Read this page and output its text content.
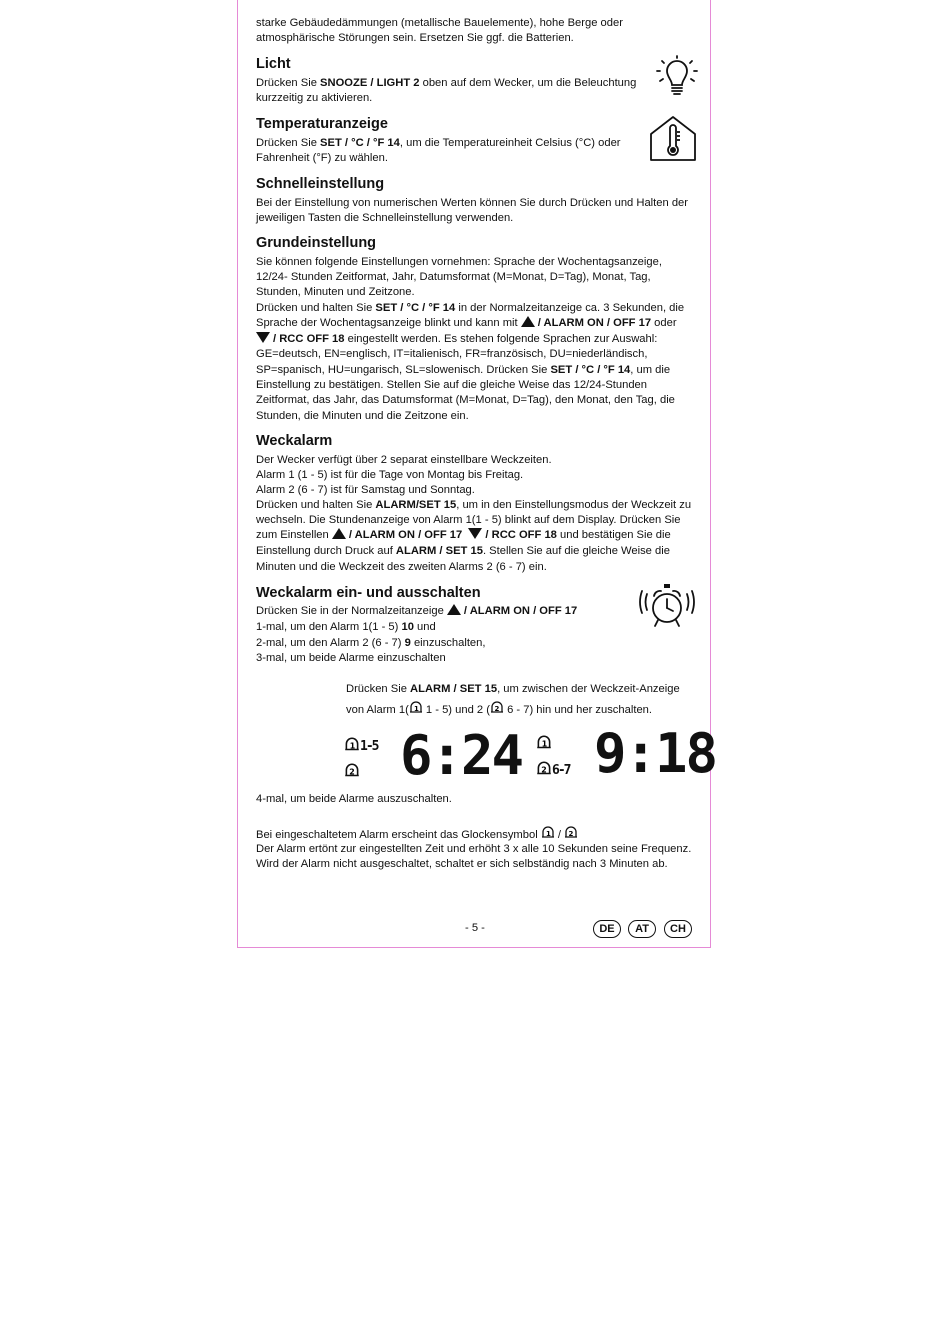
starke Gebäudedämmungen (metallische Bauelemente), hohe Berge oder

atmosphärische Störungen sein. Ersetzen Sie ggf. die Batterien.

Licht

Drücken Sie SNOOZE / LIGHT 2 oben auf dem Wecker, um die Beleuchtung

kurzzeitig zu aktivieren.

Temperaturanzeige

Drücken Sie SET / °C / °F 14, um die Temperatureinheit Celsius (°C) oder

Fahrenheit (°F) zu wählen.

Schnelleinstellung

Bei der Einstellung von numerischen Werten können Sie durch Drücken und Halten der

jeweiligen Tasten die Schnelleinstellung verwenden.

Grundeinstellung

Sie können folgende Einstellungen vornehmen: Sprache der Wochentagsanzeige,

12/24- Stunden Zeitformat, Jahr, Datumsformat (M=Monat, D=Tag), Monat, Tag,

Stunden, Minuten und Zeitzone.

Drücken und halten Sie SET / °C / °F 14 in der Normalzeitanzeige ca. 3 Sekunden, die

Sprache der Wochentagsanzeige blinkt und kann mit / ALARM ON / OFF 17 oder

/ RCC OFF 18 eingestellt werden. Es stehen folgende Sprachen zur Auswahl:

GE=deutsch, EN=englisch, IT=italienisch, FR=französisch, DU=niederländisch,

SP=spanisch, HU=ungarisch, SL=slowenisch. Drücken Sie SET / °C / °F 14, um die

Einstellung zu bestätigen. Stellen Sie auf die gleiche Weise das 12/24-Stunden

Zeitformat, das Jahr, das Datumsformat (M=Monat, D=Tag), den Monat, den Tag, die

Stunden, die Minuten und die Zeitzone ein.

Weckalarm

Der Wecker verfügt über 2 separat einstellbare Weckzeiten.

Alarm 1 (1 - 5) ist für die Tage von Montag bis Freitag.

Alarm 2 (6 - 7) ist für Samstag und Sonntag.

Drücken und halten Sie ALARM/SET 15, um in den Einstellungsmodus der Weckzeit zu

wechseln. Die Stundenanzeige von Alarm 1(1 - 5) blinkt auf dem Display. Drücken Sie

zum Einstellen / ALARM ON / OFF 17 / RCC OFF 18 und bestätigen Sie die

Einstellung durch Druck auf ALARM / SET 15. Stellen Sie auf die gleiche Weise die

Minuten und die Weckzeit des zweiten Alarms 2 (6 - 7) ein.

Weckalarm ein- und ausschalten

Drücken Sie in der Normalzeitanzeige / ALARM ON / OFF 17

1-mal, um den Alarm 1(1 - 5) 10 und

2-mal, um den Alarm 2 (6 - 7) 9 einzuschalten,

3-mal, um beide Alarme einzuschalten

Drücken Sie ALARM / SET 15, um zwischen der Weckzeit-Anzeige

von Alarm 1( 1 1 - 5) und 2 ( 2 6 - 7) hin und her zuschalten.

1 1-5
2 6:24	1
2 6-7 9:18

4-mal, um beide Alarme auszuschalten.

Bei eingeschaltetem Alarm erscheint das Glockensymbol 1 / 2

Der Alarm ertönt zur eingestellten Zeit und erhöht 3 x alle 10 Sekunden seine Frequenz.

Wird der Alarm nicht ausgeschaltet, schaltet er sich selbständig nach 3 Minuten ab.

- 5 -	DE	AT	CH
